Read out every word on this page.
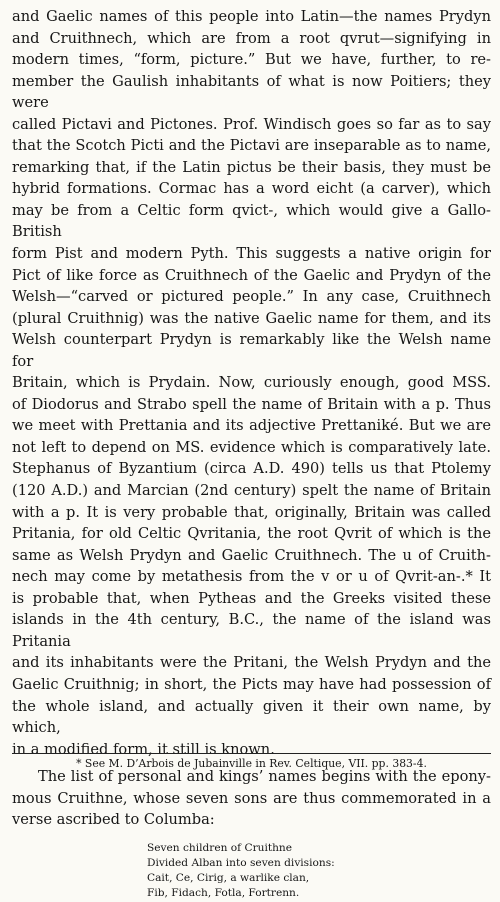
and Gaelic names of this people into Latin—the names Prydyn
and Cruithnech, which are from a root qvrut—signifying in
modern times, “form, picture.” But we have, further, to re-
member the Gaulish inhabitants of what is now Poitiers; they were
called Pictavi and Pictones. Prof. Windisch goes so far as to say
that the Scotch Picti and the Pictavi are inseparable as to name,
remarking that, if the Latin pictus be their basis, they must be
hybrid formations. Cormac has a word eicht (a carver), which
may be from a Celtic form qvict-, which would give a Gallo-British
form Pist and modern Pyth. This suggests a native origin for
Pict of like force as Cruithnech of the Gaelic and Prydyn of the
Welsh—“carved or pictured people.” In any case, Cruithnech
(plural Cruithnig) was the native Gaelic name for them, and its
Welsh counterpart Prydyn is remarkably like the Welsh name for
Britain, which is Prydain. Now, curiously enough, good MSS.
of Diodorus and Strabo spell the name of Britain with a p. Thus
we meet with Prettania and its adjective Prettaniké. But we are
not left to depend on MS. evidence which is comparatively late.
Stephanus of Byzantium (circa A.D. 490) tells us that Ptolemy
(120 A.D.) and Marcian (2nd century) spelt the name of Britain
with a p. It is very probable that, originally, Britain was called
Pritania, for old Celtic Qvritania, the root Qvrit of which is the
same as Welsh Prydyn and Gaelic Cruithnech. The u of Cruith-
nech may come by metathesis from the v or u of Qvrit-an-.* It
is probable that, when Pytheas and the Greeks visited these
islands in the 4th century, B.C., the name of the island was Pritania
and its inhabitants were the Pritani, the Welsh Prydyn and the
Gaelic Cruithnig; in short, the Picts may have had possession of
the whole island, and actually given it their own name, by which,
in a modified form, it still is known.

The list of personal and kings’ names begins with the epony-
mous Cruithne, whose seven sons are thus commemorated in a
verse ascribed to Columba:

Seven children of Cruithne
Divided Alban into seven divisions:
Cait, Ce, Cirig, a warlike clan,
Fib, Fidach, Fotla, Fortrenn.
* See M. D’Arbois de Jubainville in Rev. Celtique, VII. pp. 383-4.
